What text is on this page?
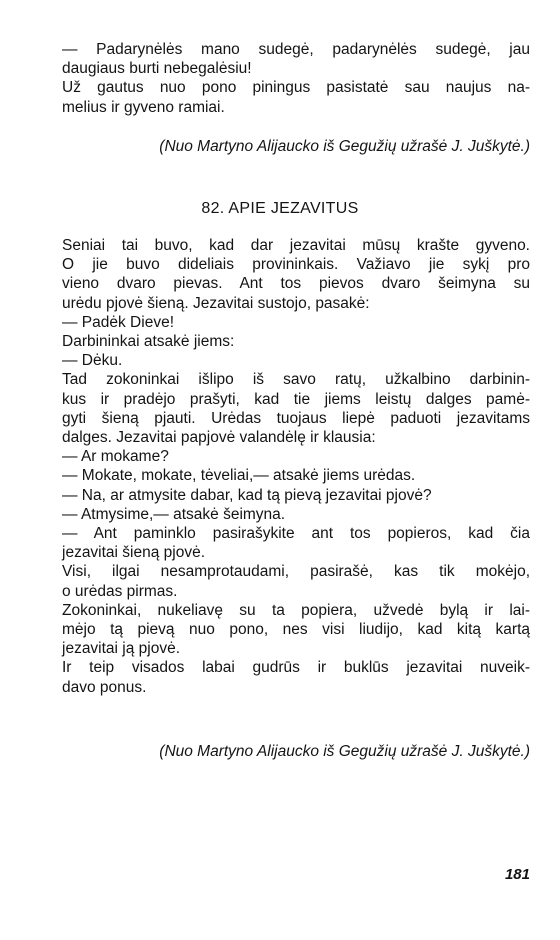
— Padarynėlės mano sudegė, padarynėlės sudegė, jau
daugiaus burti nebegalėsiu!
Už gautus nuo pono piningus pasistatė sau naujus na-
melius ir gyveno ramiai.
(Nuo Martyno Alijaucko iš Gegužių užrašė J. Juškytė.)
82. APIE JEZAVITUS
Seniai tai buvo, kad dar jezavitai mūsų krašte gyveno.
O jie buvo dideliais provininkais. Važiavo jie sykį pro
vieno dvaro pievas. Ant tos pievos dvaro šeimyna su
urėdu pjovė šieną. Jezavitai sustojo, pasakė:
— Padėk Dieve!
Darbininkai atsakė jiems:
— Dėku.
Tad zokoninkai išlipo iš savo ratų, užkalbino darbinin-
kus ir pradėjo prašyti, kad tie jiems leistų dalges pamė-
gyti šieną pjauti. Urėdas tuojaus liepė paduoti jezavitams
dalges. Jezavitai papjovė valandėlę ir klausia:
— Ar mokame?
— Mokate, mokate, tėveliai,— atsakė jiems urėdas.
— Na, ar atmysite dabar, kad tą pievą jezavitai pjovė?
— Atmysime,— atsakė šeimyna.
— Ant paminklo pasirašykite ant tos popieros, kad čia
jezavitai šieną pjovė.
Visi, ilgai nesamprotaudami, pasirašė, kas tik mokėjo,
o urėdas pirmas.
Zokoninkai, nukeliavę su ta popiera, užvedė bylą ir lai-
mėjo tą pievą nuo pono, nes visi liudijo, kad kitą kartą
jezavitai ją pjovė.
Ir teip visados labai gudrūs ir buklūs jezavitai nuveik-
davo ponus.
(Nuo Martyno Alijaucko iš Gegužių užrašė J. Juškytė.)
181
